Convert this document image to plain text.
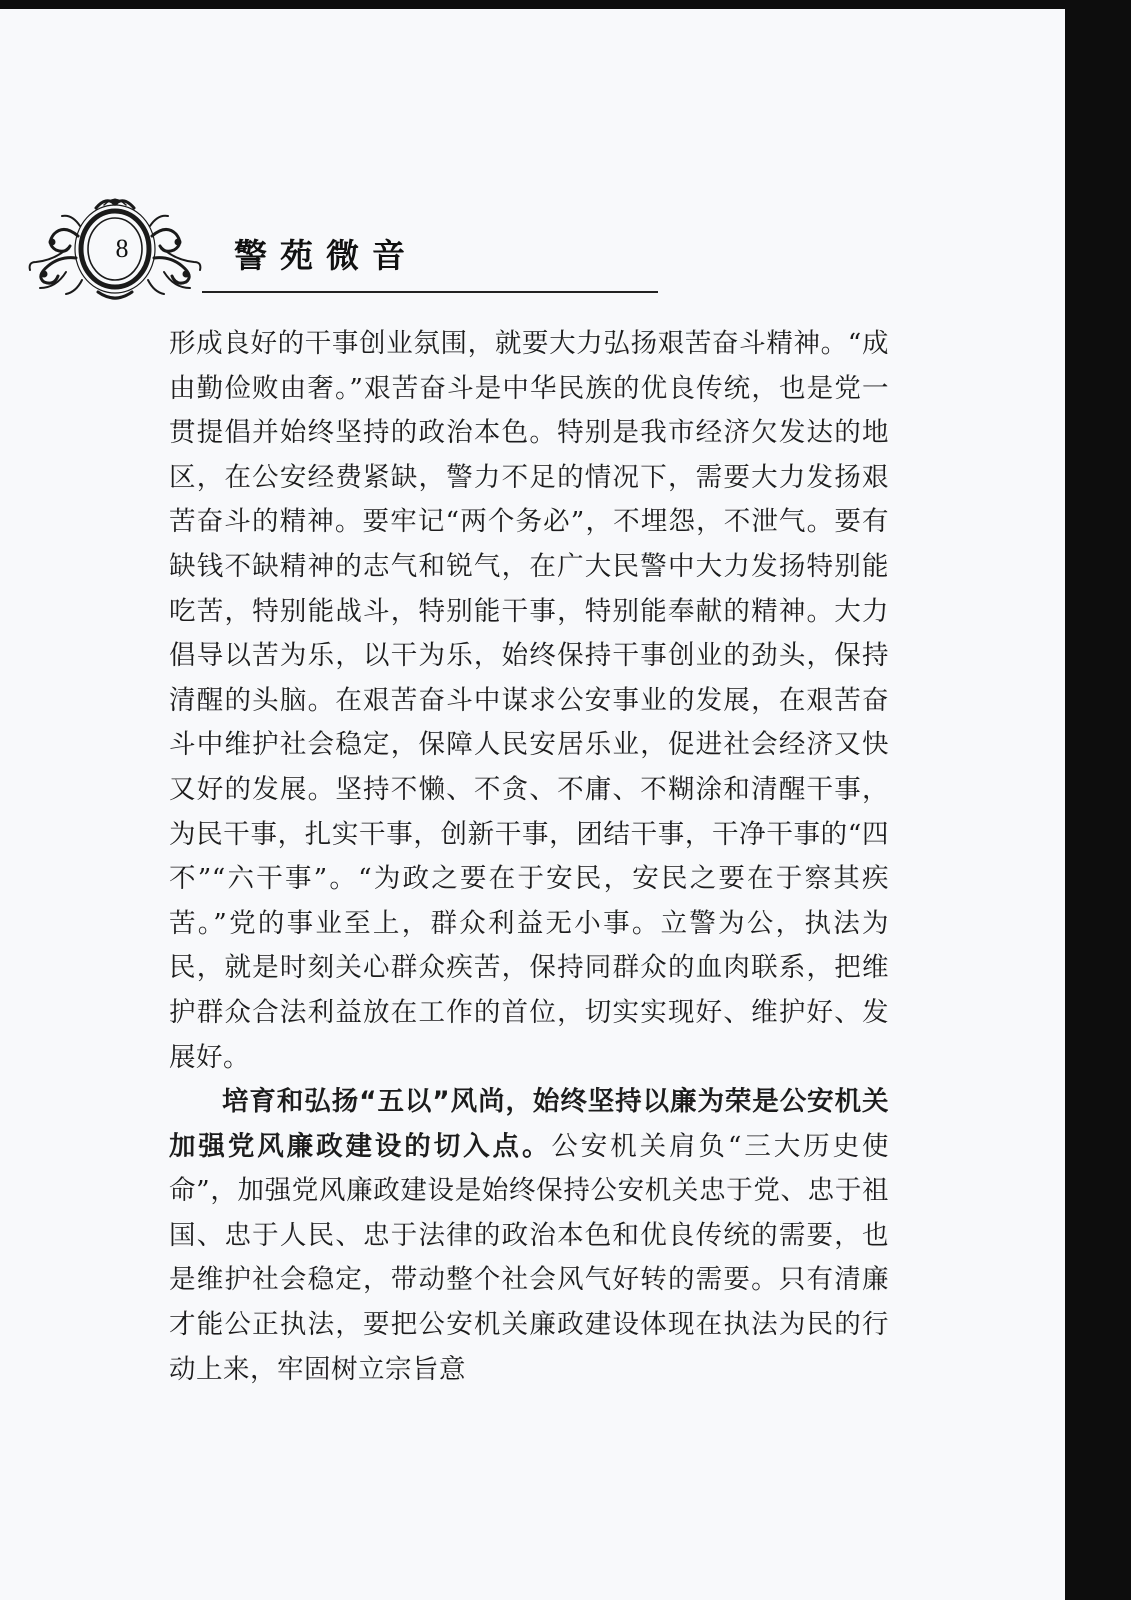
8	警苑微音

形成良好的干事创业氛围，就要大力弘扬艰苦奋斗精神。“成由勤俭败由奢。”艰苦奋斗是中华民族的优良传统，也是党一贯提倡并始终坚持的政治本色。特别是我市经济欠发达的地区，在公安经费紧缺，警力不足的情况下，需要大力发扬艰苦奋斗的精神。要牢记“两个务必”，不埋怨，不泄气。要有缺钱不缺精神的志气和锐气，在广大民警中大力发扬特别能吃苦，特别能战斗，特别能干事，特别能奉献的精神。大力倡导以苦为乐，以干为乐，始终保持干事创业的劲头，保持清醒的头脑。在艰苦奋斗中谋求公安事业的发展，在艰苦奋斗中维护社会稳定，保障人民安居乐业，促进社会经济又快又好的发展。坚持不懒、不贪、不庸、不糊涂和清醒干事，为民干事，扎实干事，创新干事，团结干事，干净干事的“四不”“六干事”。“为政之要在于安民，安民之要在于察其疾苦。”党的事业至上，群众利益无小事。立警为公，执法为民，就是时刻关心群众疾苦，保持同群众的血肉联系，把维护群众合法利益放在工作的首位，切实实现好、维护好、发展好。

培育和弘扬“五以”风尚，始终坚持以廉为荣是公安机关加强党风廉政建设的切入点。公安机关肩负“三大历史使命”，加强党风廉政建设是始终保持公安机关忠于党、忠于祖国、忠于人民、忠于法律的政治本色和优良传统的需要，也是维护社会稳定，带动整个社会风气好转的需要。只有清廉才能公正执法，要把公安机关廉政建设体现在执法为民的行动上来，牢固树立宗旨意
